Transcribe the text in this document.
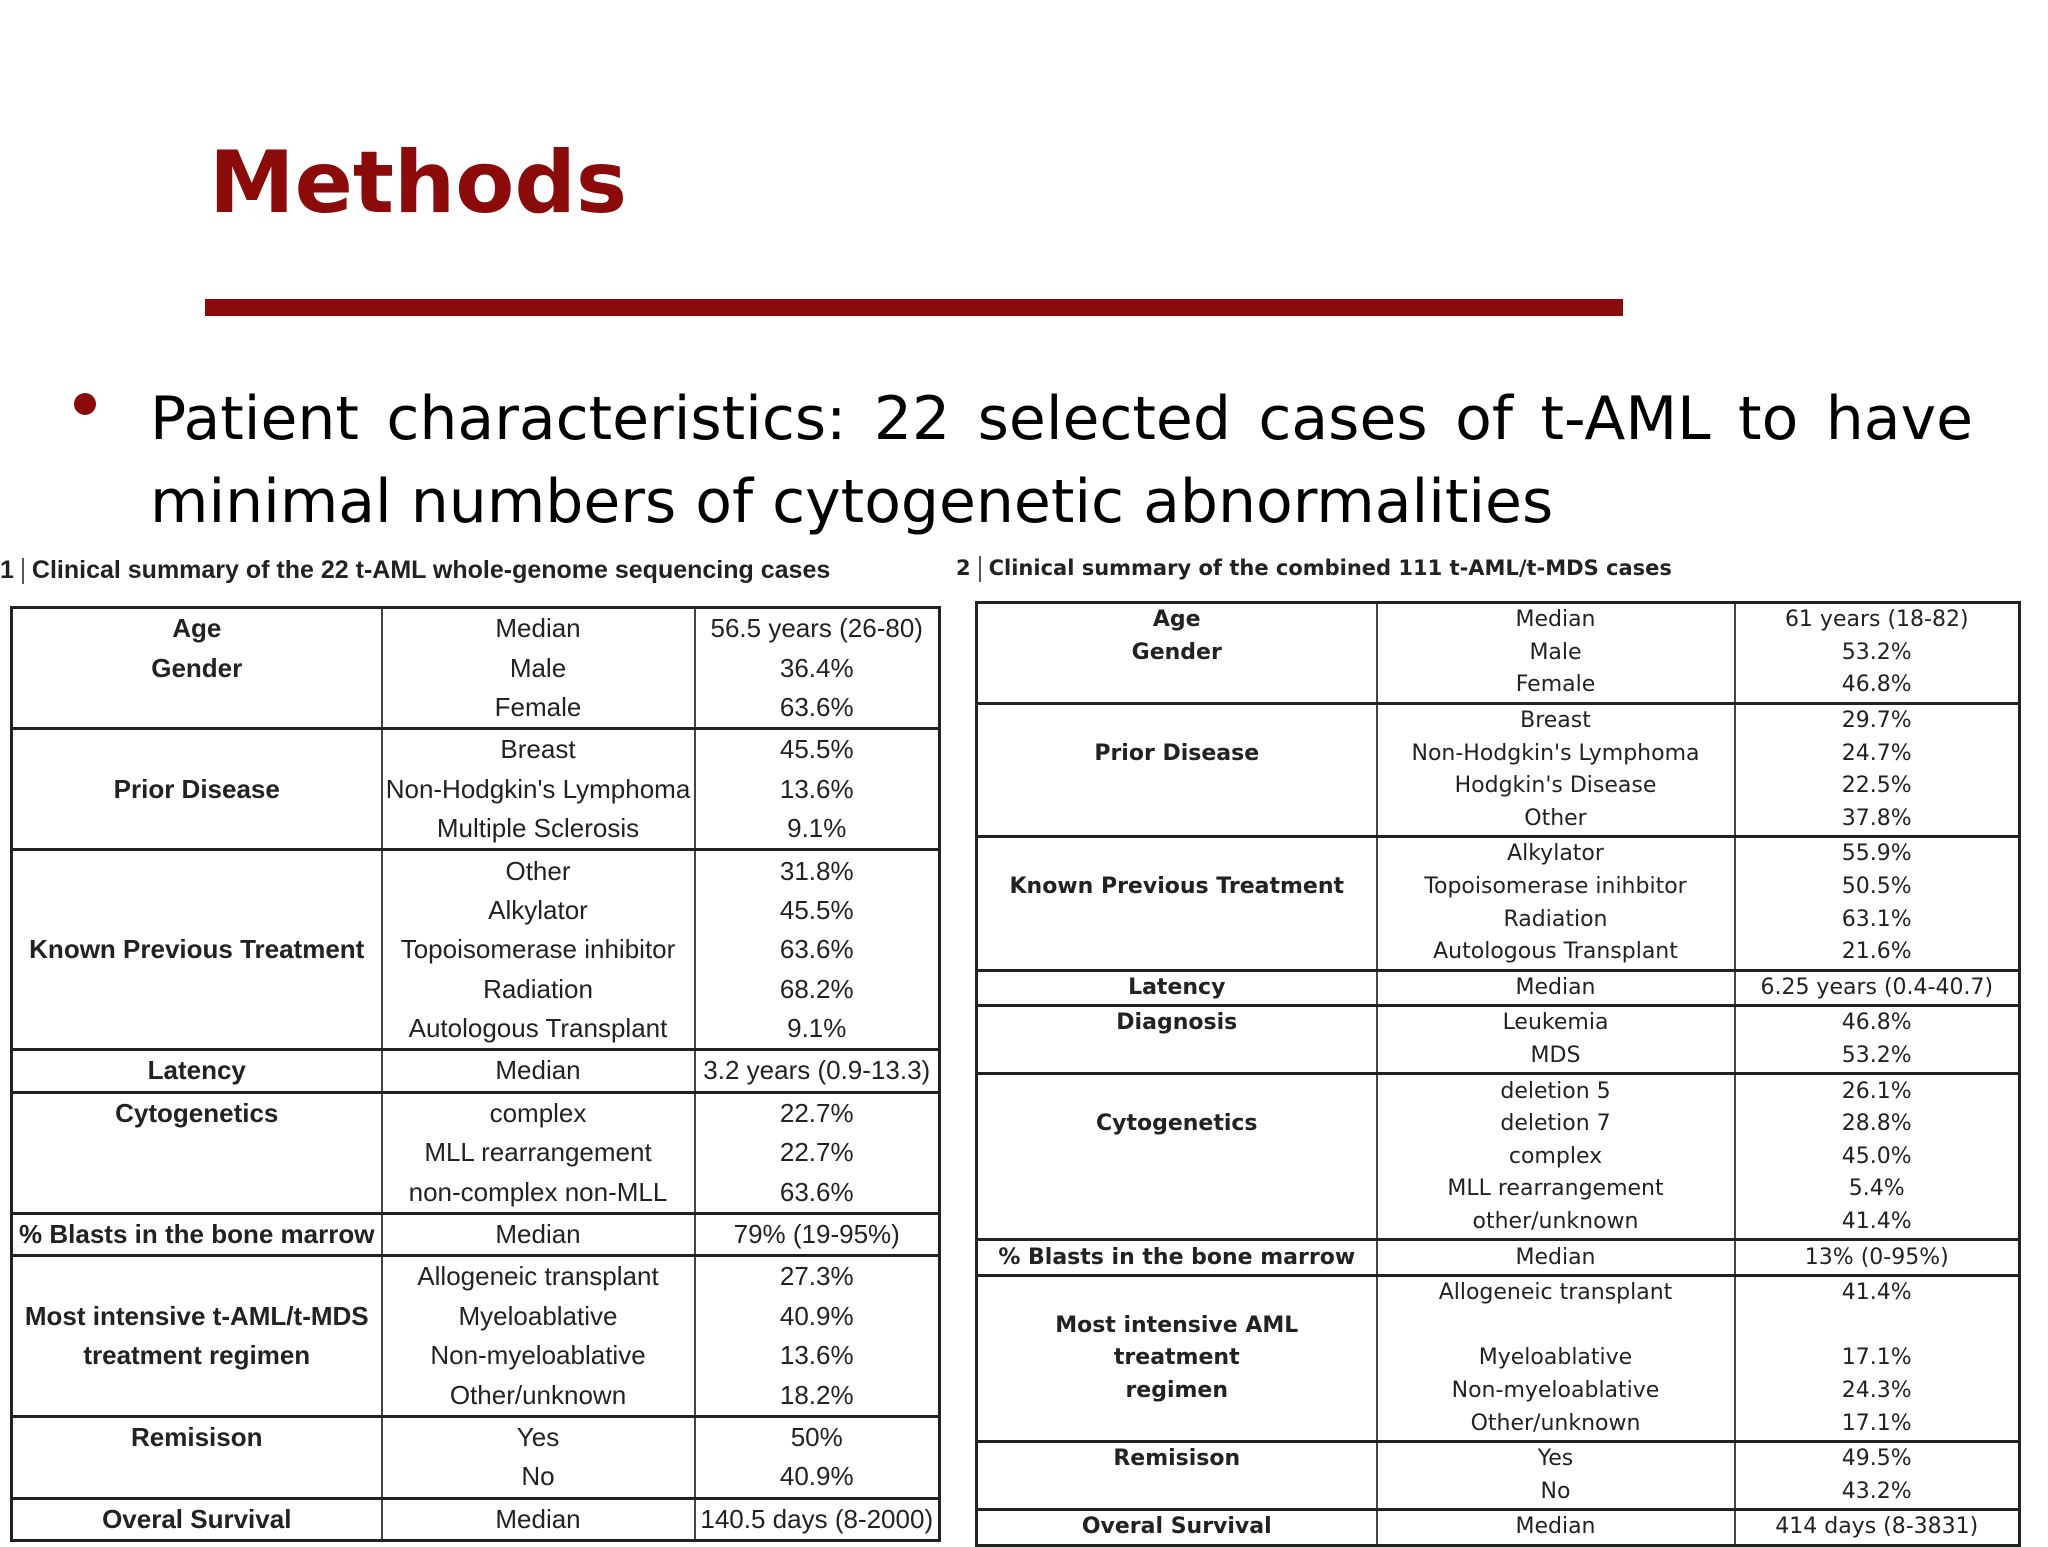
Methods
Patient characteristics: 22 selected cases of t-AML to have minimal numbers of cytogenetic abnormalities
1 Clinical summary of the 22 t-AML whole-genome sequencing cases	2 Clinical summary of the combined 111 t-AML/t-MDS cases
Age	Median	56.5 years (26-80)
Gender	Male	36.4%
	Female	63.6%
	Breast	45.5%
Prior Disease	Non-Hodgkin's Lymphoma	13.6%
	Multiple Sclerosis	9.1%
	Other	31.8%
	Alkylator	45.5%
Known Previous Treatment	Topoisomerase inhibitor	63.6%
	Radiation	68.2%
	Autologous Transplant	9.1%
Latency	Median	3.2 years (0.9-13.3)
Cytogenetics	complex	22.7%
	MLL rearrangement	22.7%
	non-complex non-MLL	63.6%
% Blasts in the bone marrow	Median	79% (19-95%)
	Allogeneic transplant	27.3%
Most intensive t-AML/t-MDS	Myeloablative	40.9%
treatment regimen	Non-myeloablative	13.6%
	Other/unknown	18.2%
Remisison	Yes	50%
	No	40.9%
Overal Survival	Median	140.5 days (8-2000)
Age	Median	61 years (18-82)
Gender	Male	53.2%
	Female	46.8%
	Breast	29.7%
Prior Disease	Non-Hodgkin's Lymphoma	24.7%
	Hodgkin's Disease	22.5%
	Other	37.8%
	Alkylator	55.9%
Known Previous Treatment	Topoisomerase inihbitor	50.5%
	Radiation	63.1%
	Autologous Transplant	21.6%
Latency	Median	6.25 years (0.4-40.7)
Diagnosis	Leukemia	46.8%
	MDS	53.2%
	deletion 5	26.1%
Cytogenetics	deletion 7	28.8%
	complex	45.0%
	MLL rearrangement	5.4%
	other/unknown	41.4%
% Blasts in the bone marrow	Median	13% (0-95%)
	Allogeneic transplant	41.4%
Most intensive AML		
treatment	Myeloablative	17.1%
regimen	Non-myeloablative	24.3%
	Other/unknown	17.1%
Remisison	Yes	49.5%
	No	43.2%
Overal Survival	Median	414 days (8-3831)
